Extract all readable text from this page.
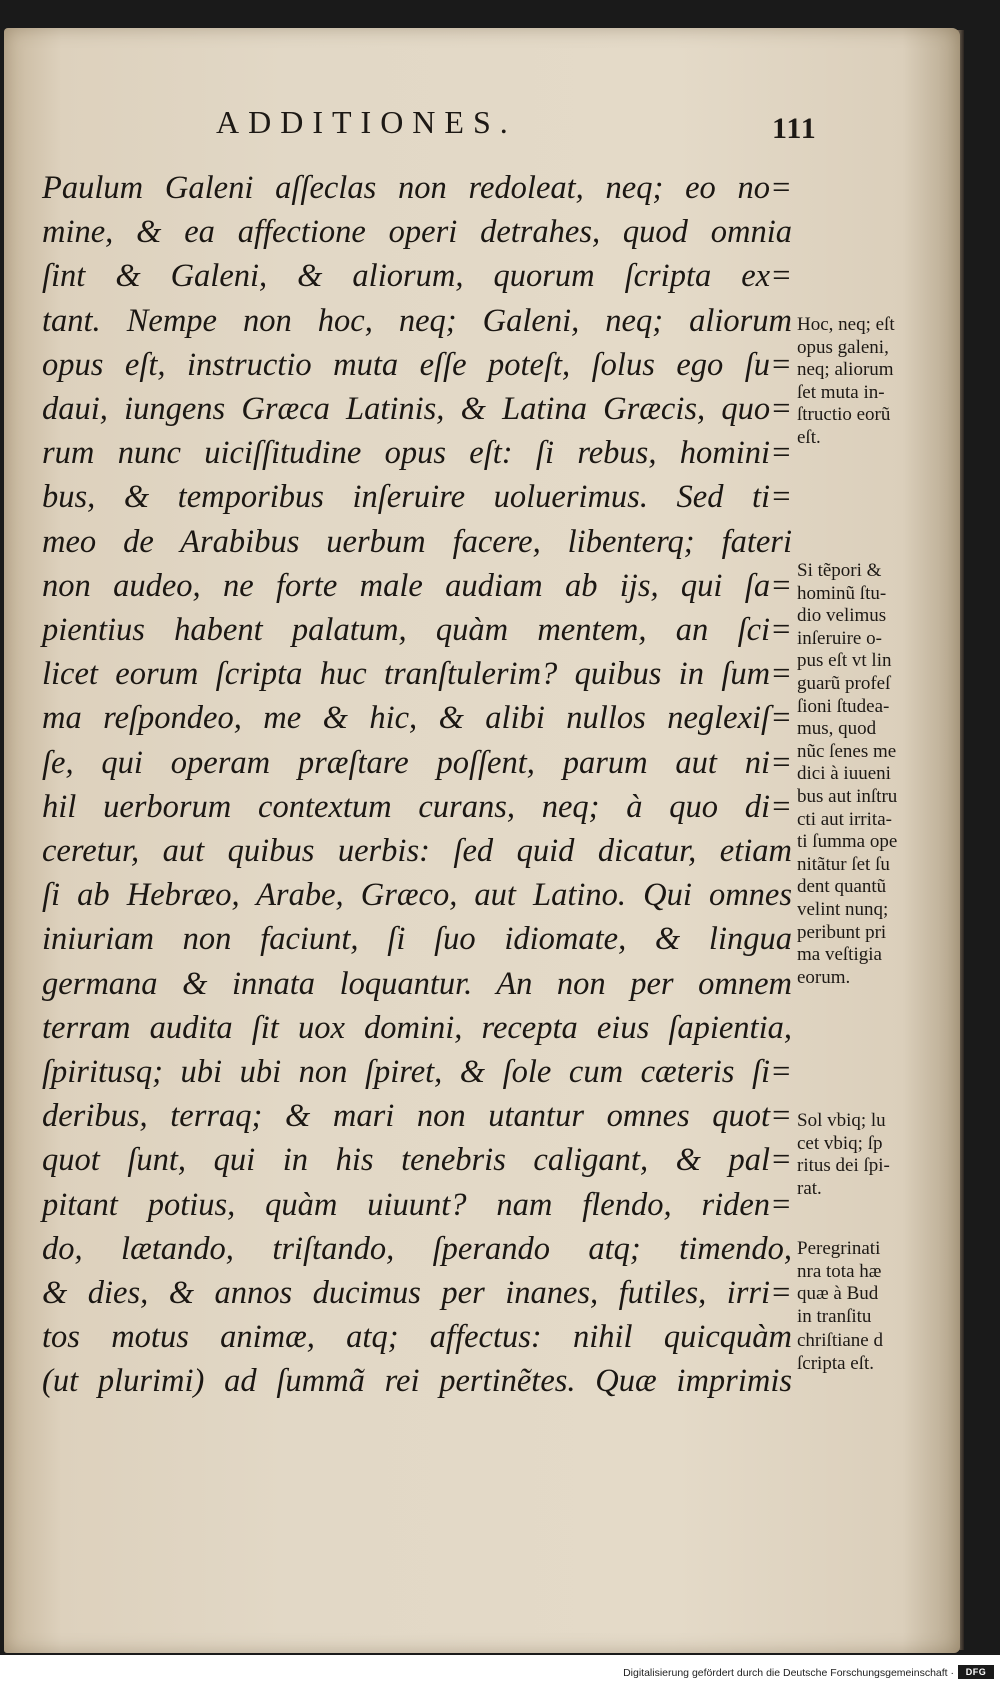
ADDITIONES.	111
Paulum Galeni aſſeclas non redoleat, neq; eo no=
mine, & ea affectione operi detrahes, quod omnia
ſint & Galeni, & aliorum, quorum ſcripta ex=
tant. Nempe non hoc, neq; Galeni, neq; aliorum
opus eſt, instructio muta eſſe poteſt, ſolus ego ſu=
daui, iungens Græca Latinis, & Latina Græcis, quo=
rum nunc uiciſſitudine opus eſt: ſi rebus, homini=
bus, & temporibus inſeruire uoluerimus. Sed ti=
meo de Arabibus uerbum facere, libenterq; fateri
non audeo, ne forte male audiam ab ijs, qui ſa=
pientius habent palatum, quàm mentem, an ſci=
licet eorum ſcripta huc tranſtulerim? quibus in ſum=
ma reſpondeo, me & hic, & alibi nullos neglexiſ=
ſe, qui operam præſtare poſſent, parum aut ni=
hil uerborum contextum curans, neq; à quo di=
ceretur, aut quibus uerbis: ſed quid dicatur, etiam
ſi ab Hebræo, Arabe, Græco, aut Latino. Qui omnes
iniuriam non faciunt, ſi ſuo idiomate, & lingua
germana & innata loquantur. An non per omnem
terram audita ſit uox domini, recepta eius ſapientia,
ſpiritusq; ubi ubi non ſpiret, & ſole cum cæteris ſi=
deribus, terraq; & mari non utantur omnes quot=
quot ſunt, qui in his tenebris caligant, & pal=
pitant potius, quàm uiuunt? nam flendo, riden=
do, lætando, triſtando, ſperando atq; timendo,
& dies, & annos ducimus per inanes, futiles, irri=
tos motus animæ, atq; affectus: nihil quicquàm
(ut plurimi) ad ſummã rei pertinẽtes. Quæ imprimis
Hoc, neq; eſt
opus galeni,
neq; aliorum
ſet muta in-
ſtructio eorũ
eſt.
Si tẽpori &
hominũ ſtu-
dio velimus
inſeruire o-
pus eſt vt lin
guarũ profeſ
ſioni ſtudea-
mus, quod
nũc ſenes me
dici à iuueni
bus aut inſtru
cti aut irrita-
ti ſumma ope
nitãtur ſet ſu
dent quantũ
velint nunq;
peribunt pri
ma veſtigia
eorum.
Sol vbiq; lu
cet vbiq; ſp
ritus dei ſpi-
rat.
Peregrinati
nra tota hæ
quæ à Bud
in tranſitu
chriſtiane d
ſcripta eſt.
Digitalisierung gefördert durch die Deutsche Forschungsgemeinschaft ·	DFG
